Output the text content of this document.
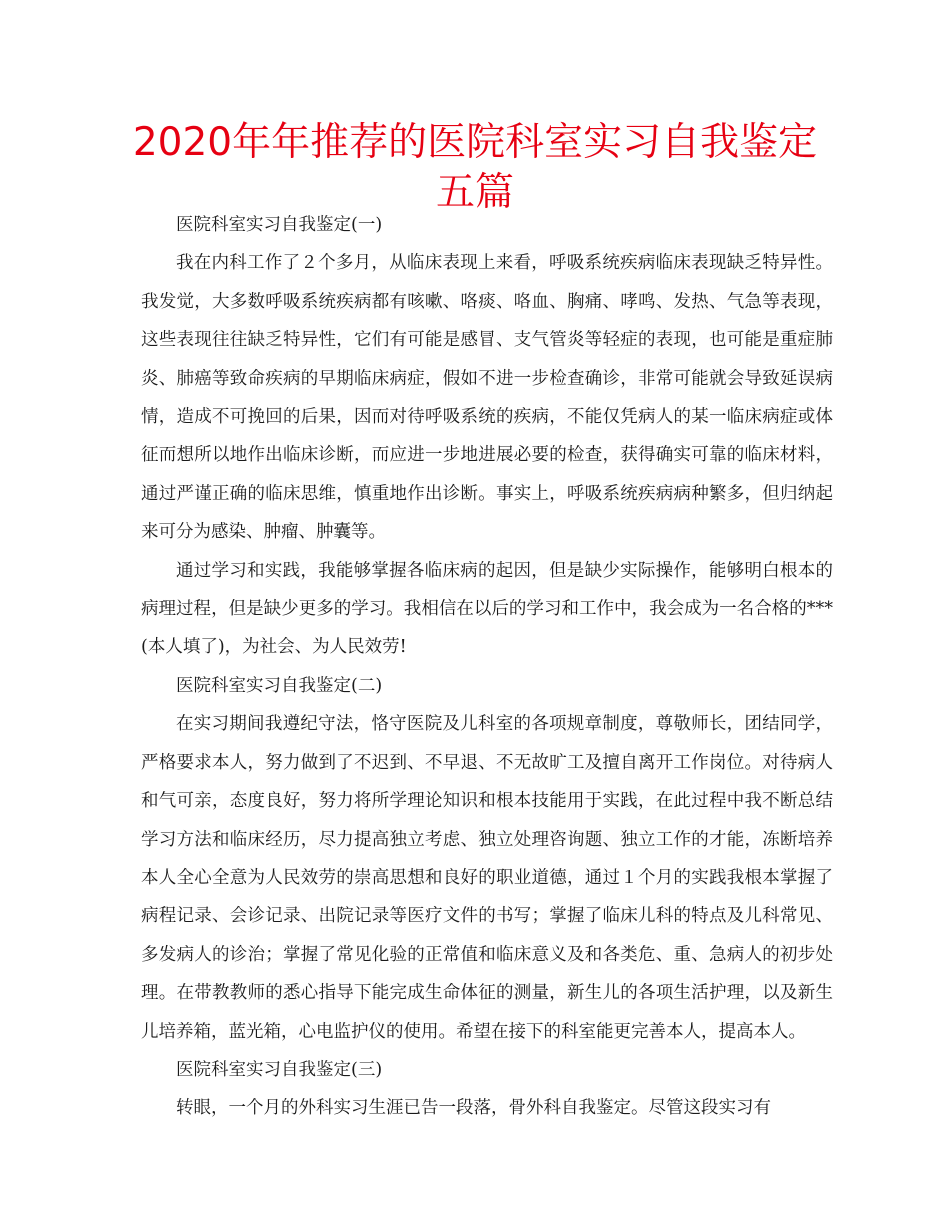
2020年年推荐的医院科室实习自我鉴定五篇

医院科室实习自我鉴定(一)

我在内科工作了２个多月，从临床表现上来看，呼吸系统疾病临床表现缺乏特异性。我发觉，大多数呼吸系统疾病都有咳嗽、咯痰、咯血、胸痛、哮鸣、发热、气急等表现，这些表现往往缺乏特异性，它们有可能是感冒、支气管炎等轻症的表现，也可能是重症肺炎、肺癌等致命疾病的早期临床病症，假如不进一步检查确诊，非常可能就会导致延误病情，造成不可挽回的后果，因而对待呼吸系统的疾病，不能仅凭病人的某一临床病症或体征而想所以地作出临床诊断，而应进一步地进展必要的检查，获得确实可靠的临床材料，通过严谨正确的临床思维，慎重地作出诊断。事实上，呼吸系统疾病病种繁多，但归纳起来可分为感染、肿瘤、肿囊等。

通过学习和实践，我能够掌握各临床病的起因，但是缺少实际操作，能够明白根本的病理过程，但是缺少更多的学习。我相信在以后的学习和工作中，我会成为一名合格的***(本人填了)，为社会、为人民效劳!

医院科室实习自我鉴定(二)

在实习期间我遵纪守法，恪守医院及儿科室的各项规章制度，尊敬师长，团结同学，严格要求本人，努力做到了不迟到、不早退、不无故旷工及擅自离开工作岗位。对待病人和气可亲，态度良好，努力将所学理论知识和根本技能用于实践，在此过程中我不断总结学习方法和临床经历，尽力提高独立考虑、独立处理咨询题、独立工作的才能，冻断培养本人全心全意为人民效劳的崇高思想和良好的职业道德，通过１个月的实践我根本掌握了病程记录、会诊记录、出院记录等医疗文件的书写；掌握了临床儿科的特点及儿科常见、多发病人的诊治；掌握了常见化验的正常值和临床意义及和各类危、重、急病人的初步处理。在带教教师的悉心指导下能完成生命体征的测量，新生儿的各项生活护理，以及新生儿培养箱，蓝光箱，心电监护仪的使用。希望在接下的科室能更完善本人，提高本人。

医院科室实习自我鉴定(三)

转眼，一个月的外科实习生涯已告一段落，骨外科自我鉴定。尽管这段实习有
